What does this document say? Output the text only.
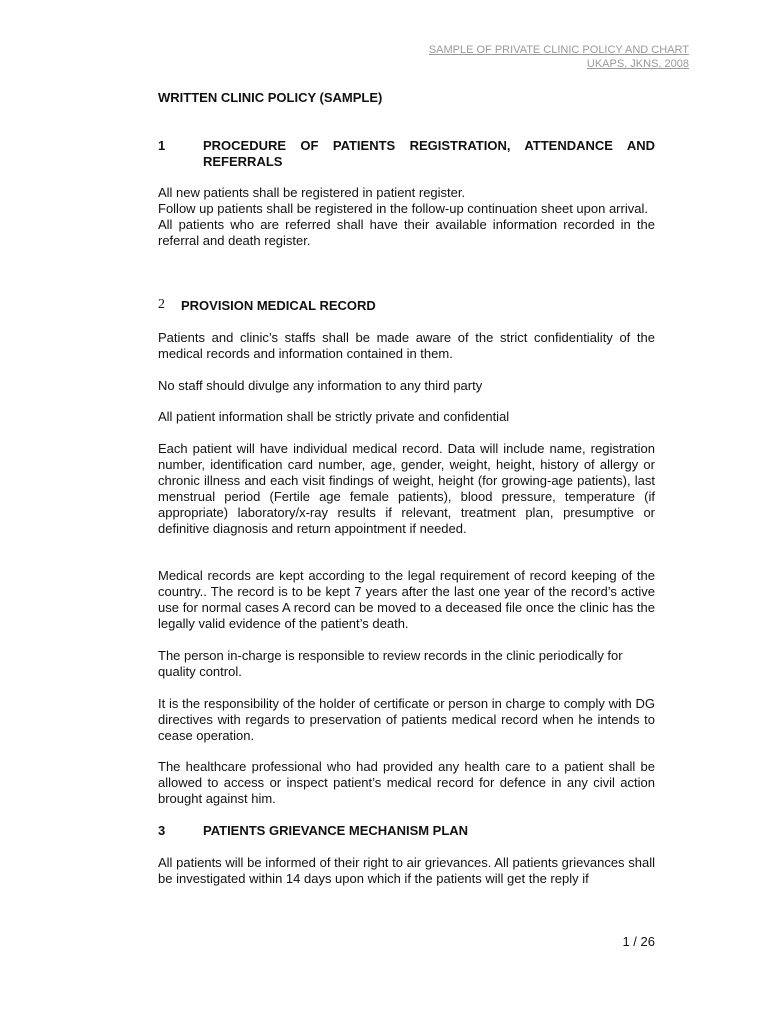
SAMPLE OF PRIVATE CLINIC POLICY AND CHART
UKAPS, JKNS, 2008
WRITTEN CLINIC POLICY (SAMPLE)
1	PROCEDURE OF PATIENTS REGISTRATION, ATTENDANCE AND REFERRALS
All new patients shall be registered in patient register.
Follow up patients shall be registered in the follow-up continuation sheet upon arrival.
All patients who are referred shall have their available information recorded in the referral and death register.
2 PROVISION MEDICAL RECORD

Patients and clinic’s staffs shall be made aware of the strict confidentiality of the medical records and information contained in them.

No staff should divulge any information to any third party

All patient information shall be strictly private and confidential

Each patient will have individual medical record. Data will include name, registration number, identification card number, age, gender, weight, height, history of allergy or chronic illness and each visit findings of weight, height (for growing-age patients), last menstrual period (Fertile age female patients), blood pressure, temperature (if appropriate) laboratory/x-ray results if relevant, treatment plan, presumptive or definitive diagnosis and return appointment if needed.

Medical records are kept according to the legal requirement of record keeping of the country.. The record is to be kept 7 years after the last one year of the record’s active use for normal cases A record can be moved to a deceased file once the clinic has the legally valid evidence of the patient’s death.

The person in-charge is responsible to review records in the clinic periodically for quality control.

It is the responsibility of the holder of certificate or person in charge to comply with DG directives with regards to preservation of patients medical record when he intends to cease operation.

The healthcare professional who had provided any health care to a patient shall be allowed to access or inspect patient’s medical record for defence in any civil action brought against him.

3	PATIENTS GRIEVANCE MECHANISM PLAN

All patients will be informed of their right to air grievances. All patients grievances shall be investigated within 14 days upon which if the patients will get the reply if

1 / 26
